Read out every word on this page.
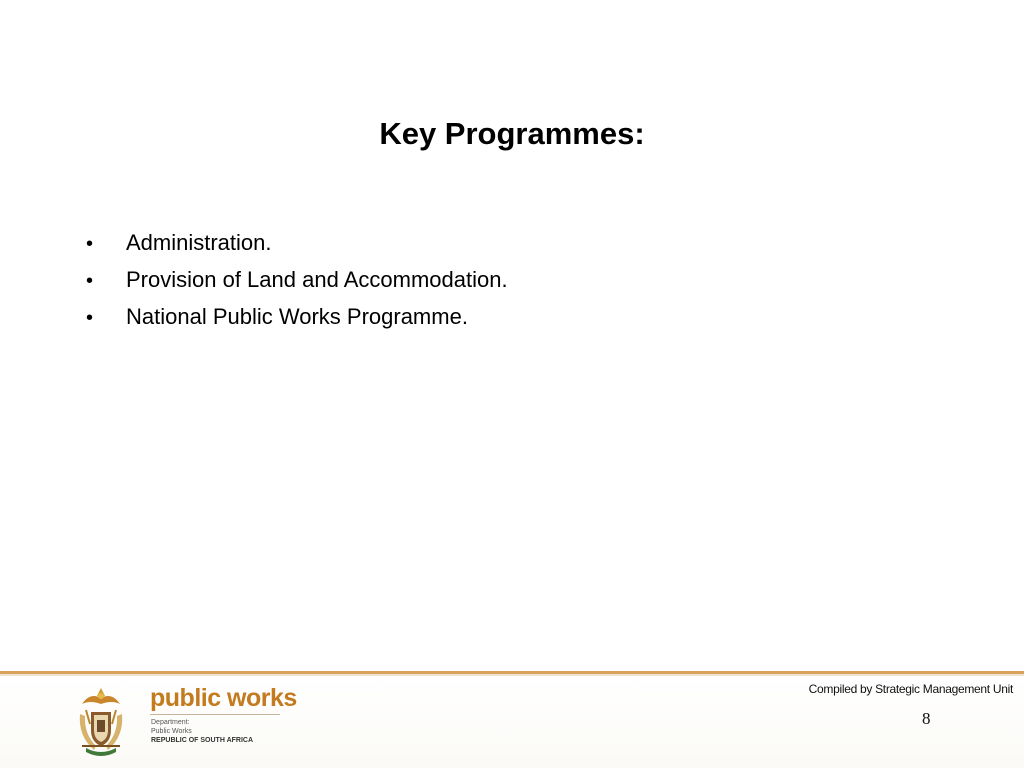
Key Programmes:
•	Administration.
•	Provision of Land and Accommodation.
•	National Public Works Programme.
public works
Department:
Public Works
REPUBLIC OF SOUTH AFRICA
Compiled by Strategic Management Unit
8
